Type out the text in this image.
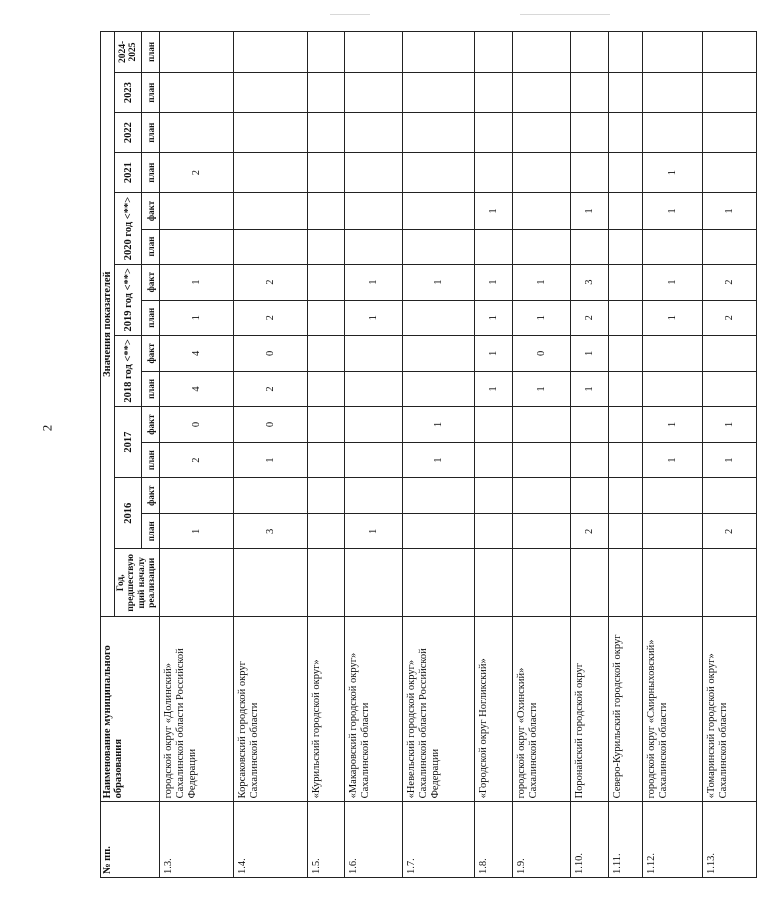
2
№ пп.	Наименование муниципального образования	Значения показателей														
		Год, предшествую щий началу реализации	2016		2017		2018 год <**>		2019 год <**>		2020 год <**>		2021	2022	2023	2024-2025
			план	факт	план	факт	план	факт	план	факт	план	факт	план	план	план	план
1.3.	городской округ «Долинский» Сахалинской области Российской Федерации		1		2	0	4	4	1	1			2			
1.4.	Корсаковский городской округ Сахалинской области		3		1	0	2	0	2	2						
1.5.	«Курильский городской округ»															
1.6.	«Макаровский городской округ» Сахалинской области		1						1	1						
1.7.	«Невельский городской округ» Сахалинской области Российской Федерации				1	1				1						
1.8.	«Городской округ Ногликский»						1	1	1	1		1				
1.9.	городской округ «Охинский» Сахалинской области						1	0	1	1						
1.10.	Поронайский городской округ		2				1	1	2	3		1				
1.11.	Северо-Курильский городской округ															
1.12.	городской округ «Смирныховский» Сахалинской области				1	1			1	1		1	1			
1.13.	«Томаринский городской округ» Сахалинской области		2		1	1			2	2		1				
